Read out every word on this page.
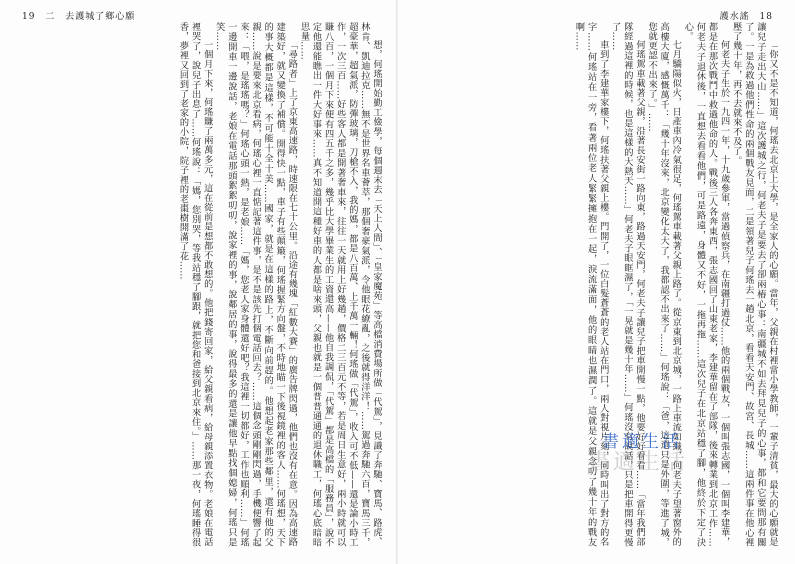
19 二 去護城了鄉心願

想，何瑤開始勤工儉學，每個週末去「天上人間」、「皇家魔苑」等高檔消費場所做「代駕」，見識了奔馳、寶馬、路虎、林肯、凱迪拉克……無不是世界名車薈萃，那個奢豪氣派，令他眼花繚亂，之後就得洋洋！……駕過奔馳六百，寶馬三千，超豪華，超氣派，防彈玻璃，刀槍不入，我的媽，都是八百萬、上千萬一輛！何瑤做「代駕」，收入可不低——還是論小時工作，一次三百……好些客人都是開著奢車來，往往一天就用上好幾趟，價格二三百元不等，若是周日生意好，兩小時就可以賺八百，一個月下來便有四五千之多，幾乎比大學畢業生的工資還高——他自我調侃，「代駕」都是高檔的「服務員」，說不定他還能瞧出一件大好事來……真不知道開這種好車的人都是啥來頭，父親也就是一個普普通通的退休職工，何瑤心底暗暗思量……

「尋路者」上了京東高速路，時速限在七十公里。沿途有幾塊「紅數大賽」的廣告牌閃過，他們也沒有在意。因為高速路建築好，就又變換了補償。開得快一點，車子有些顛簸，何瑤握緊方向盤，不時地瞄一下後視鏡裡的客人……何瑤想，天下的事大概都是這樣，不可能十全十美……國家，就是在這樣的路上，不斷向前趕的。他想起老家那些鄰里，還有他的父親……說是要來北京看病，何瑤心裡一直惦記著這件事，是不是該先打個電話回去？……這個念頭剛剛閃過，手機便響了起來：「喂，是瑤瑤嗎？」何瑤心頭一熱，是老娘……「媽，您老人家身體還好吧？我這裡一切都好，工作也順利……」何瑤一邊開車一邊說話，老娘在電話那頭絮絮叨叨，說家裡的事，說鄰居的事，說得最多的還是讓他早點找個媳婦，何瑤只是笑……

一個月下來，何瑤賺了兩萬多元，這在從前是想都不敢想的。他把錢寄回家，給父親看病，給母親添置衣物。老娘在電話裡哭了，說兒子出息了……何瑤說：「媽，您別哭，等我站穩了腳跟，就把您和爸接到北京來住。」……那一夜，何瑤睡得很香，夢裡又回到了老家的小院，院子裡的老棗樹開滿了花……

護水謠 18

「你又不是不知道，何瑤去北京上大學，是全家人的心願。當年，父親在村裡當小學教師，一輩子清貧，最大的心願就是讓兒子走出大山……」這次護城之行，何老夫子是要去了卻兩樁心事：南疆城不如去拜見兒子的心事，都和它要問那有關了。一是為救過他們性命的兩個戰友見面，二是領著兒子何瑤去一趟北京，看看天安門、故宮、長城……這兩件事在他心裡壓了幾十年，再不去就來不及了。

何老夫子生於一九四一年，十九歲參軍，當過偵察兵，在南疆打過仗……他的兩個戰友，一個叫張志國，一個叫李建華，都是在那次戰鬥中救過他命的人。戰後三人各奔東西，張志國回了山東老家，李建華留在了部隊，後來轉業到北京工作……何老夫子退休後，一直想去看看他們，可是路遠，身體又不好，一拖再拖……這次兒子在北京站穩了腳，他終於下定了決心。

七月驕陽似火，日產車內冷氣很足，何瑤駕車載著父親上路了。從京東到北京城，一路上車流如織，何老夫子望著窗外的高樓大廈，感慨萬千：「幾十年沒來，北京變化太大了，我都認不出來了……」何瑤說：「爸，這還只是外圍，等進了城，您就更認不出來了。」……

何瑤駕車載著父親，沿著長安街一路向東，路過天安門，何老夫子讓兒子把車開慢一點，他要好好看看……「當年我們部隊經過這裡的時候，也是這樣的大熱天……」何老夫子眼眶濕了，「一晃就是幾十年……」何瑤沒有說話，只是把車開得更慢了……

車到了李建華家樓下，何瑤扶著父親上樓。門開了，一位白髮蒼蒼的老人站在門口，兩人對視片刻，同時叫出了對方的名字……何瑤站在一旁，看著兩位老人緊緊擁抱在一起，淚流滿面，他的眼睛也濕潤了。這就是父親念叨了幾十年的戰友啊……

書適生活
書適生活
